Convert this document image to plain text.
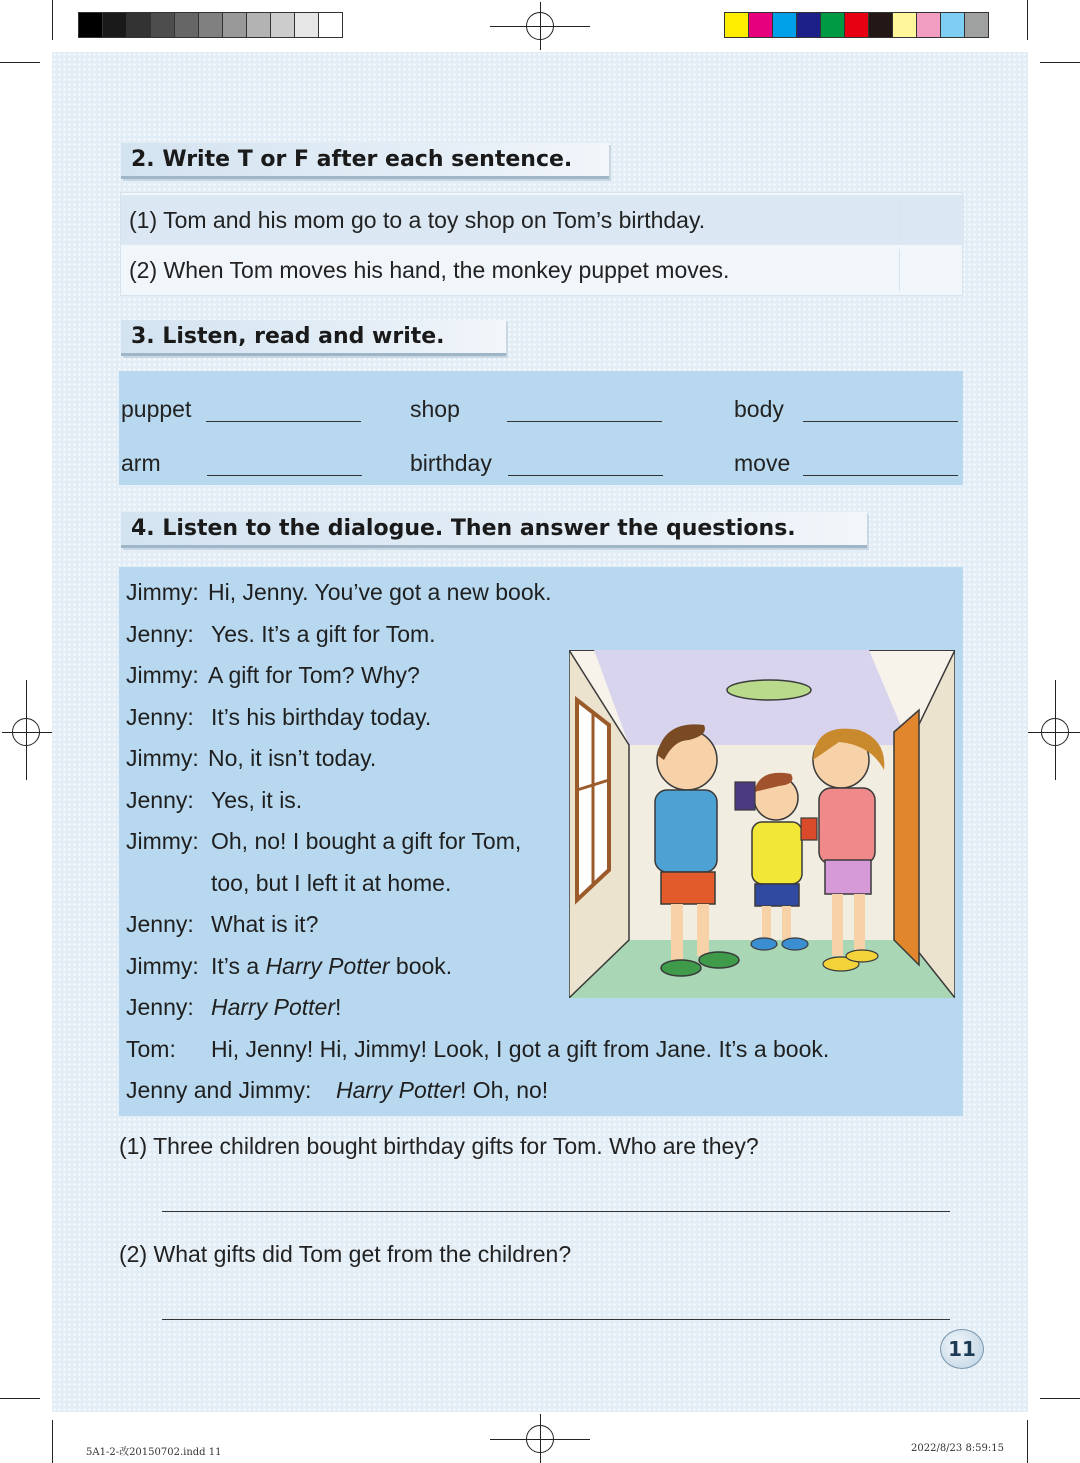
2. Write T or F after each sentence.
(1) Tom and his mom go to a toy shop on Tom’s birthday.
(2) When Tom moves his hand, the monkey puppet moves.
3. Listen, read and write.
puppet	shop	body
arm	birthday	move
4. Listen to the dialogue. Then answer the questions.
Jimmy: Hi, Jenny. You’ve got a new book.
Jenny: Yes. It’s a gift for Tom.
Jimmy: A gift for Tom? Why?
Jenny: It’s his birthday today.
Jimmy: No, it isn’t today.
Jenny: Yes, it is.
Jimmy: Oh, no! I bought a gift for Tom,
too, but I left it at home.
Jenny: What is it?
Jimmy: It’s a Harry Potter book.
Jenny: Harry Potter!
Tom: Hi, Jenny! Hi, Jimmy! Look, I got a gift from Jane. It’s a book.
Jenny and Jimmy: Harry Potter! Oh, no!
(1) Three children bought birthday gifts for Tom. Who are they?
(2) What gifts did Tom get from the children?
11
5A1-2-改20150702.indd 11	2022/8/23 8:59:15
